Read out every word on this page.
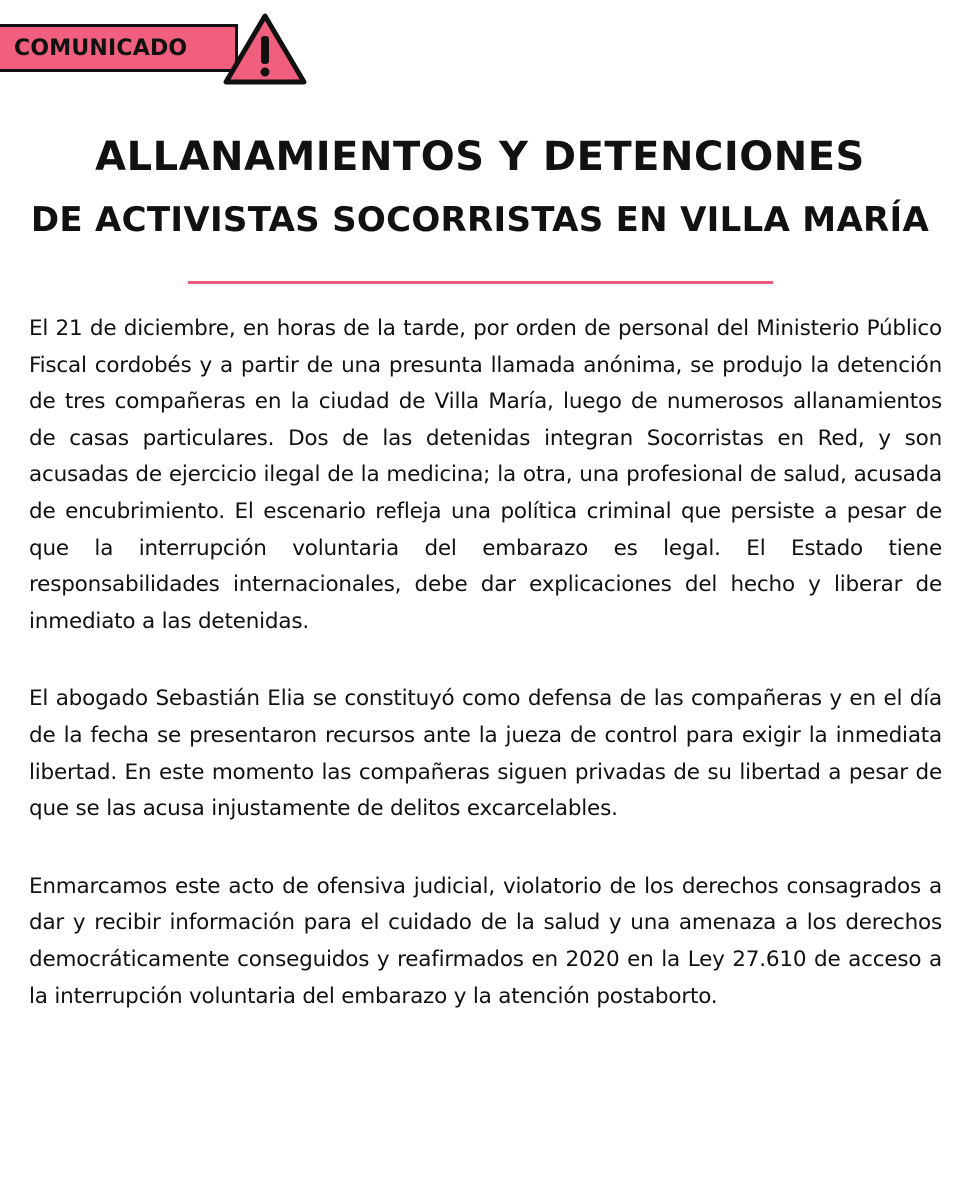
COMUNICADO
ALLANAMIENTOS Y DETENCIONES
DE ACTIVISTAS SOCORRISTAS EN VILLA MARÍA

El 21 de diciembre, en horas de la tarde, por orden de personal del Ministerio Público Fiscal cordobés y a partir de una presunta llamada anónima, se produjo la detención de tres compañeras en la ciudad de Villa María, luego de numerosos allanamientos de casas particulares. Dos de las detenidas integran Socorristas en Red, y son acusadas de ejercicio ilegal de la medicina; la otra, una profesional de salud, acusada de encubrimiento. El escenario refleja una política criminal que persiste a pesar de que la interrupción voluntaria del embarazo es legal. El Estado tiene responsabilidades internacionales, debe dar explicaciones del hecho y liberar de inmediato a las detenidas.

El abogado Sebastián Elia se constituyó como defensa de las compañeras y en el día de la fecha se presentaron recursos ante la jueza de control para exigir la inmediata libertad. En este momento las compañeras siguen privadas de su libertad a pesar de que se las acusa injustamente de delitos excarcelables.

Enmarcamos este acto de ofensiva judicial, violatorio de los derechos consagrados a dar y recibir información para el cuidado de la salud y una amenaza a los derechos democráticamente conseguidos y reafirmados en 2020 en la Ley 27.610 de acceso a la interrupción voluntaria del embarazo y la atención postaborto.
